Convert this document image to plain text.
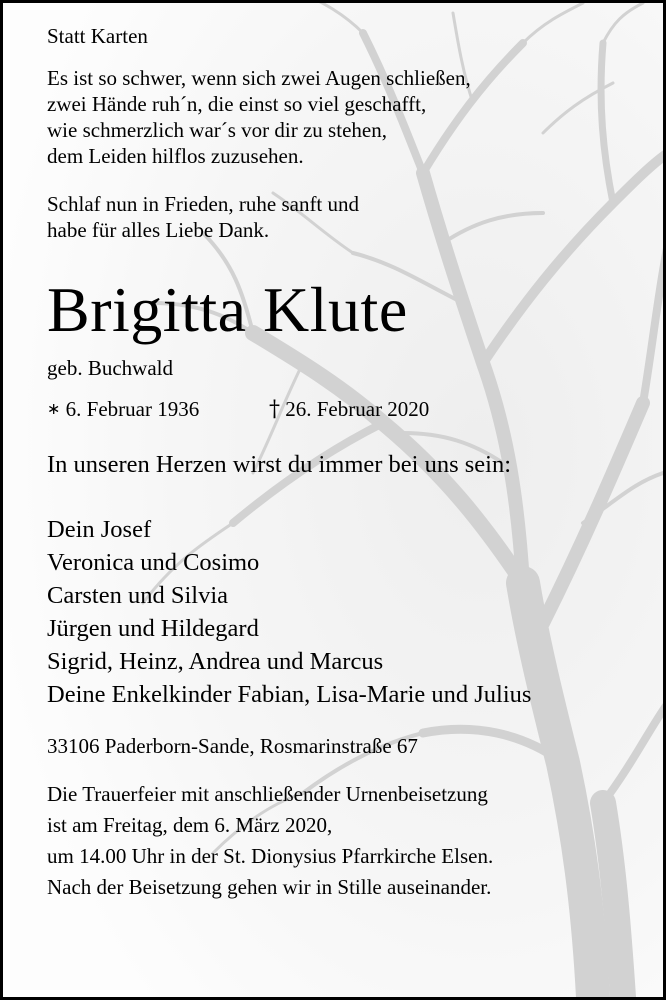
Statt Karten
Es ist so schwer, wenn sich zwei Augen schließen,
zwei Hände ruh´n, die einst so viel geschafft,
wie schmerzlich war´s vor dir zu stehen,
dem Leiden hilflos zuzusehen.
Schlaf nun in Frieden, ruhe sanft und
habe für alles Liebe Dank.
Brigitta Klute
geb. Buchwald
∗ 6. Februar 1936	† 26. Februar 2020
In unseren Herzen wirst du immer bei uns sein:
Dein Josef
Veronica und Cosimo
Carsten und Silvia
Jürgen und Hildegard
Sigrid, Heinz, Andrea und Marcus
Deine Enkelkinder Fabian, Lisa-Marie und Julius
33106 Paderborn-Sande, Rosmarinstraße 67
Die Trauerfeier mit anschließender Urnenbeisetzung
ist am Freitag, dem 6. März 2020,
um 14.00 Uhr in der St. Dionysius Pfarrkirche Elsen.
Nach der Beisetzung gehen wir in Stille auseinander.
